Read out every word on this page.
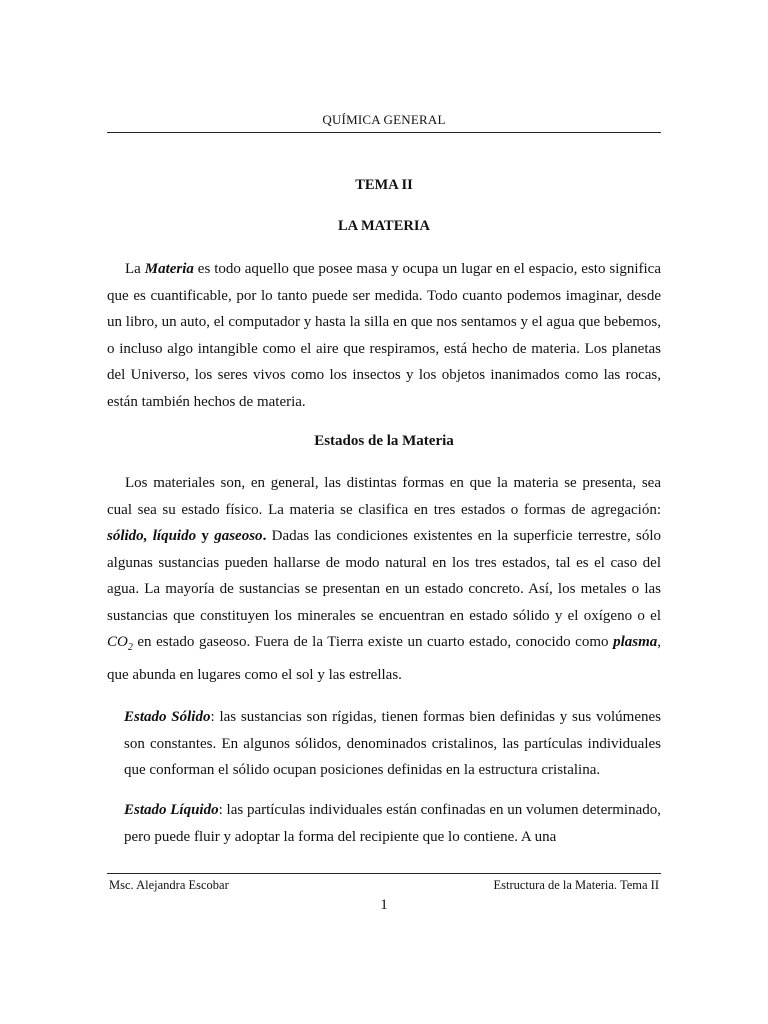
QUÍMICA GENERAL
TEMA II
LA MATERIA

La Materia es todo aquello que posee masa y ocupa un lugar en el espacio, esto significa que es cuantificable, por lo tanto puede ser medida. Todo cuanto podemos imaginar, desde un libro, un auto, el computador y hasta la silla en que nos sentamos y el agua que bebemos, o incluso algo intangible como el aire que respiramos, está hecho de materia. Los planetas del Universo, los seres vivos como los insectos y los objetos inanimados como las rocas, están también hechos de materia.

Estados de la Materia

Los materiales son, en general, las distintas formas en que la materia se presenta, sea cual sea su estado físico. La materia se clasifica en tres estados o formas de agregación: sólido, líquido y gaseoso. Dadas las condiciones existentes en la superficie terrestre, sólo algunas sustancias pueden hallarse de modo natural en los tres estados, tal es el caso del agua. La mayoría de sustancias se presentan en un estado concreto. Así, los metales o las sustancias que constituyen los minerales se encuentran en estado sólido y el oxígeno o el $CO_2$ en estado gaseoso. Fuera de la Tierra existe un cuarto estado, conocido como plasma, que abunda en lugares como el sol y las estrellas.

Estado Sólido: las sustancias son rígidas, tienen formas bien definidas y sus volúmenes son constantes. En algunos sólidos, denominados cristalinos, las partículas individuales que conforman el sólido ocupan posiciones definidas en la estructura cristalina.

Estado Líquido: las partículas individuales están confinadas en un volumen determinado, pero puede fluir y adoptar la forma del recipiente que lo contiene. A una

Msc. Alejandra Escobar	Estructura de la Materia. Tema II
1
